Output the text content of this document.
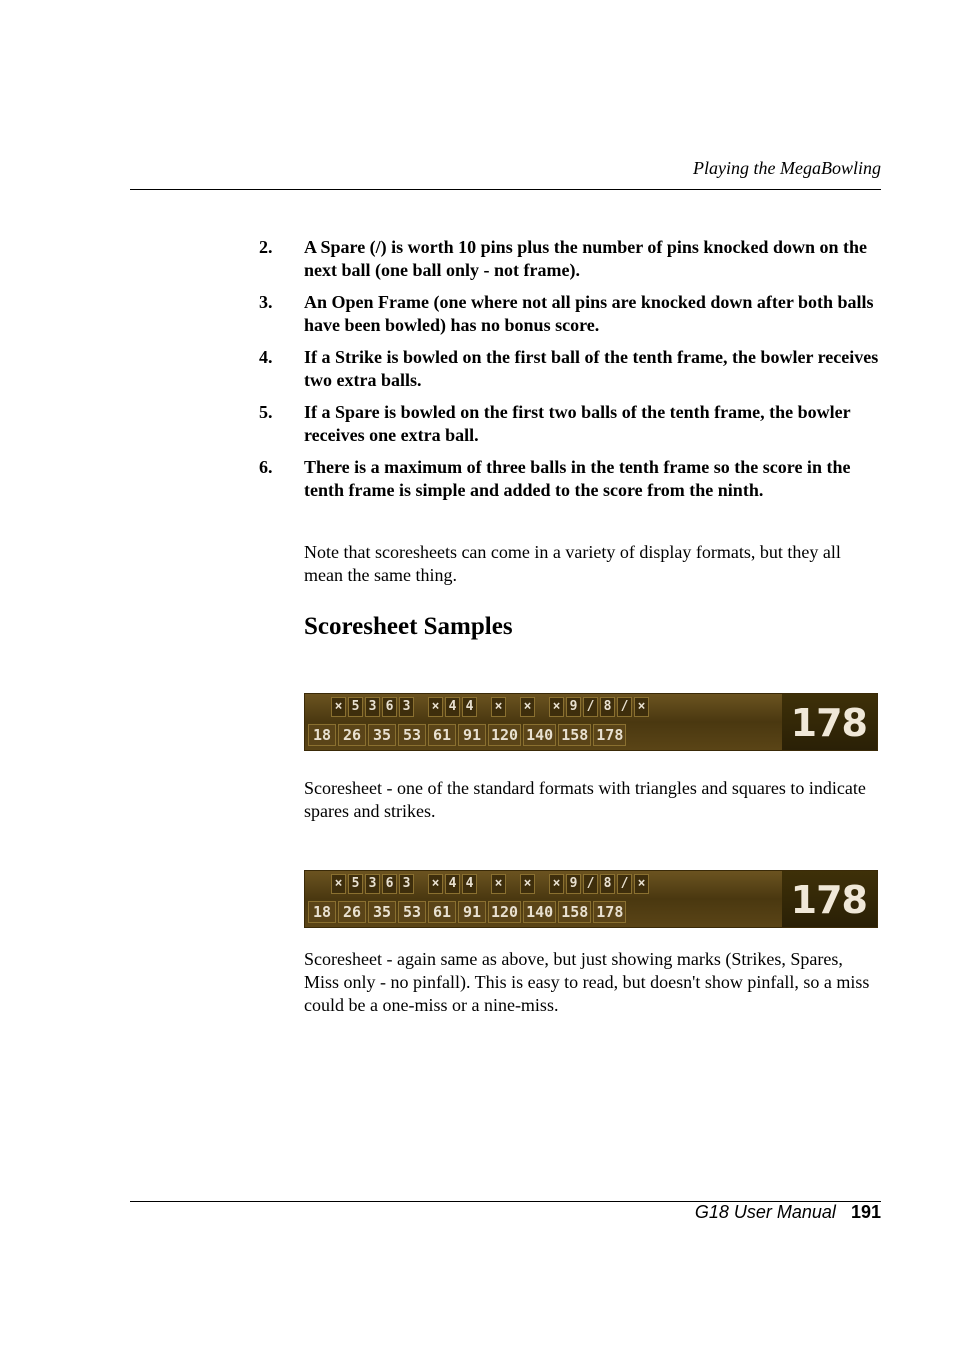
Playing the MegaBowling
2.	A Spare (/) is worth 10 pins plus the number of pins knocked down on the next ball (one ball only - not frame).
3.	An Open Frame (one where not all pins are knocked down after both balls have been bowled) has no bonus score.
4.	If a Strike is bowled on the first ball of the tenth frame, the bowler receives two extra balls.
5.	If a Spare is bowled on the first two balls of the tenth frame, the bowler receives one extra ball.
6.	There is a maximum of three balls in the tenth frame so the score in the tenth frame is simple and added to the score from the ninth.

Note that scoresheets can come in a variety of display formats, but they all mean the same thing.

Scoresheet Samples
× 5 3 6 3 × 4 4 × × × 9 / 8 / ×
18 26 35 53 61 91 120 140 158 178	178

Scoresheet - one of the standard formats with triangles and squares to indicate spares and strikes.

× 5 3 6 3 × 4 4 × × × 9 / 8 / ×
18 26 35 53 61 91 120 140 158 178	178

Scoresheet - again same as above, but just showing marks (Strikes, Spares, Miss only - no pinfall). This is easy to read, but doesn't show pinfall, so a miss could be a one-miss or a nine-miss.

G18 User Manual 191
